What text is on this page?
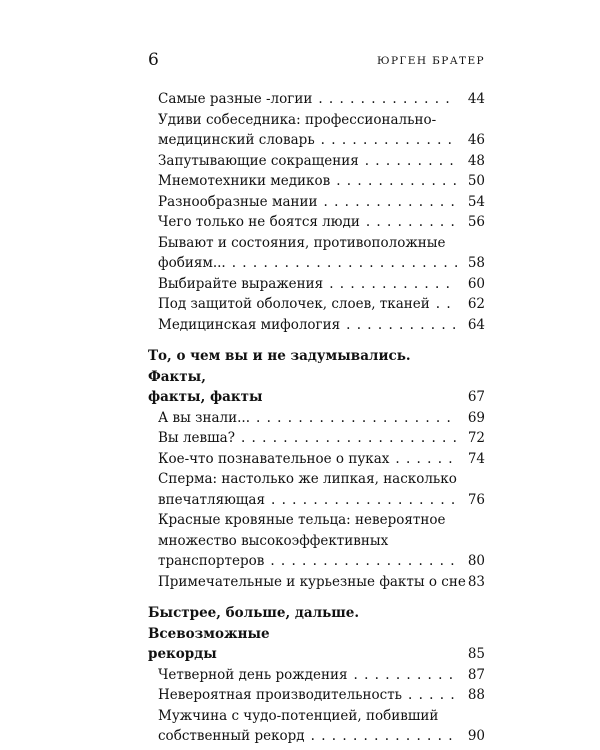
6	ЮРГЕН БРАТЕР
Самые разные -логии . . .	44
Удиви собеседника: профессионально-
медицинский словарь . . .	46
Запутывающие сокращения . . .	48
Мнемотехники медиков . . .	50
Разнообразные мании . . .	54
Чего только не боятся люди . . .	56
Бывают и состояния, противоположные
фобиям... . . .	58
Выбирайте выражения . . .	60
Под защитой оболочек, слоев, тканей . . .	62
Медицинская мифология . . .	64
То, о чем вы и не задумывались. Факты,
факты, факты	67
А вы знали... . . .	69
Вы левша? . . .	72
Кое-что познавательное о пуках . . .	74
Сперма: настолько же липкая, насколько
впечатляющая . . .	76
Красные кровяные тельца: невероятное
множество высокоэффективных
транспортеров . . .	80
Примечательные и курьезные факты о сне 83
Быстрее, больше, дальше. Всевозможные
рекорды	85
Четверной день рождения . . .	87
Невероятная производительность . . .	88
Мужчина с чудо-потенцией, побивший
собственный рекорд . . .	90
